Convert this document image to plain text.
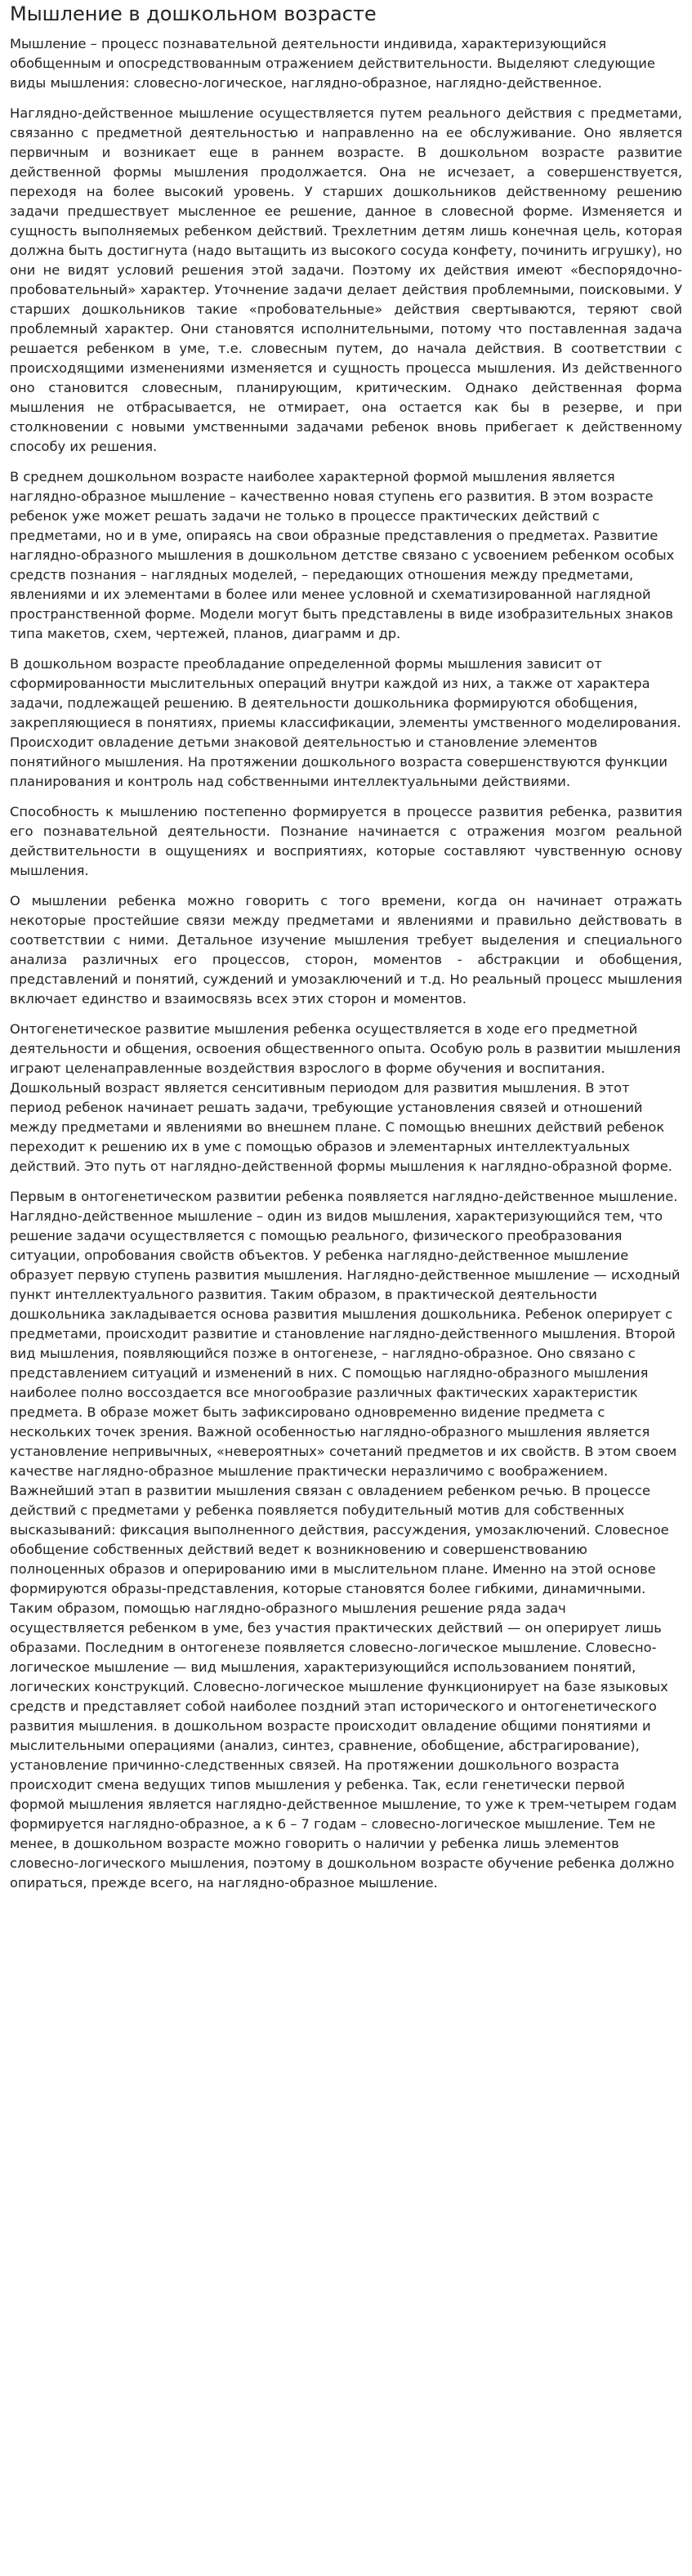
Мышление в дошкольном возрасте

Мышление – процесс познавательной деятельности индивида, характеризующийся обобщенным и опосредствованным отражением действительности. Выделяют следующие виды мышления: словесно-логическое, наглядно-образное, наглядно-действенное.

Наглядно-действенное мышление осуществляется путем реального действия с предметами, связанно с предметной деятельностью и направленно на ее обслуживание. Оно является первичным и возникает еще в раннем возрасте. В дошкольном возрасте развитие действенной формы мышления продолжается. Она не исчезает, а совершенствуется, переходя на более высокий уровень. У старших дошкольников действенному решению задачи предшествует мысленное ее решение, данное в словесной форме. Изменяется и сущность выполняемых ребенком действий. Трехлетним детям лишь конечная цель, которая должна быть достигнута (надо вытащить из высокого сосуда конфету, починить игрушку), но они не видят условий решения этой задачи. Поэтому их действия имеют «беспорядочно-пробовательный» характер. Уточнение задачи делает действия проблемными, поисковыми. У старших дошкольников такие «пробовательные» действия свертываются, теряют свой проблемный характер. Они становятся исполнительными, потому что поставленная задача решается ребенком в уме, т.е. словесным путем, до начала действия. В соответствии с происходящими изменениями изменяется и сущность процесса мышления. Из действенного оно становится словесным, планирующим, критическим. Однако действенная форма мышления не отбрасывается, не отмирает, она остается как бы в резерве, и при столкновении с новыми умственными задачами ребенок вновь прибегает к действенному способу их решения.

В среднем дошкольном возрасте наиболее характерной формой мышления является наглядно-образное мышление – качественно новая ступень его развития. В этом возрасте ребенок уже может решать задачи не только в процессе практических действий с предметами, но и в уме, опираясь на свои образные представления о предметах. Развитие наглядно-образного мышления в дошкольном детстве связано с усвоением ребенком особых средств познания – наглядных моделей, – передающих отношения между предметами, явлениями и их элементами в более или менее условной и схематизированной наглядной пространственной форме. Модели могут быть представлены в виде изобразительных знаков типа макетов, схем, чертежей, планов, диаграмм и др.

В дошкольном возрасте преобладание определенной формы мышления зависит от сформированности мыслительных операций внутри каждой из них, а также от характера задачи, подлежащей решению. В деятельности дошкольника формируются обобщения, закрепляющиеся в понятиях, приемы классификации, элементы умственного моделирования. Происходит овладение детьми знаковой деятельностью и становление элементов понятийного мышления. На протяжении дошкольного возраста совершенствуются функции планирования и контроль над собственными интеллектуальными действиями.

Способность к мышлению постепенно формируется в процессе развития ребенка, развития его познавательной деятельности. Познание начинается с отражения мозгом реальной действительности в ощущениях и восприятиях, которые составляют чувственную основу мышления.

О мышлении ребенка можно говорить с того времени, когда он начинает отражать некоторые простейшие связи между предметами и явлениями и правильно действовать в соответствии с ними. Детальное изучение мышления требует выделения и специального анализа различных его процессов, сторон, моментов - абстракции и обобщения, представлений и понятий, суждений и умозаключений и т.д. Но реальный процесс мышления включает единство и взаимосвязь всех этих сторон и моментов.

Онтогенетическое развитие мышления ребенка осуществляется в ходе его предметной деятельности и общения, освоения общественного опыта. Особую роль в развитии мышления играют целенаправленные воздействия взрослого в форме обучения и воспитания. Дошкольный возраст является сенситивным периодом для развития мышления. В этот период ребенок начинает решать задачи, требующие установления связей и отношений между предметами и явлениями во внешнем плане. С помощью внешних действий ребенок переходит к решению их в уме с помощью образов и элементарных интеллектуальных действий. Это путь от наглядно-действенной формы мышления к наглядно-образной форме.

Первым в онтогенетическом развитии ребенка появляется наглядно-действенное мышление. Наглядно-действенное мышление – один из видов мышления, характеризующийся тем, что решение задачи осуществляется с помощью реального, физического преобразования ситуации, опробования свойств объектов. У ребенка наглядно-действенное мышление образует первую ступень развития мышления. Наглядно-действенное мышление — исходный пункт интеллектуального развития. Таким образом, в практической деятельности дошкольника закладывается основа развития мышления дошкольника. Ребенок оперирует с предметами, происходит развитие и становление наглядно-действенного мышления. Второй вид мышления, появляющийся позже в онтогенезе, – наглядно-образное. Оно связано с представлением ситуаций и изменений в них. С помощью наглядно-образного мышления наиболее полно воссоздается все многообразие различных фактических характеристик предмета. В образе может быть зафиксировано одновременно видение предмета с нескольких точек зрения. Важной особенностью наглядно-образного мышления является установление непривычных, «невероятных» сочетаний предметов и их свойств. В этом своем качестве наглядно-образное мышление практически неразличимо с воображением. Важнейший этап в развитии мышления связан с овладением ребенком речью. В процессе действий с предметами у ребенка появляется побудительный мотив для собственных высказываний: фиксация выполненного действия, рассуждения, умозаключений. Словесное обобщение собственных действий ведет к возникновению и совершенствованию полноценных образов и оперированию ими в мыслительном плане. Именно на этой основе формируются образы-представления, которые становятся более гибкими, динамичными. Таким образом, помощью наглядно-образного мышления решение ряда задач осуществляется ребенком в уме, без участия практических действий — он оперирует лишь образами. Последним в онтогенезе появляется словесно-логическое мышление. Словесно-логическое мышление — вид мышления, характеризующийся использованием понятий, логических конструкций. Словесно-логическое мышление функционирует на базе языковых средств и представляет собой наиболее поздний этап исторического и онтогенетического развития мышления. в дошкольном возрасте происходит овладение общими понятиями и мыслительными операциями (анализ, синтез, сравнение, обобщение, абстрагирование), установление причинно-следственных связей. На протяжении дошкольного возраста происходит смена ведущих типов мышления у ребенка. Так, если генетически первой формой мышления является наглядно-действенное мышление, то уже к трем-четырем годам формируется наглядно-образное, а к 6 – 7 годам – словесно-логическое мышление. Тем не менее, в дошкольном возрасте можно говорить о наличии у ребенка лишь элементов словесно-логического мышления, поэтому в дошкольном возрасте обучение ребенка должно опираться, прежде всего, на наглядно-образное мышление.
